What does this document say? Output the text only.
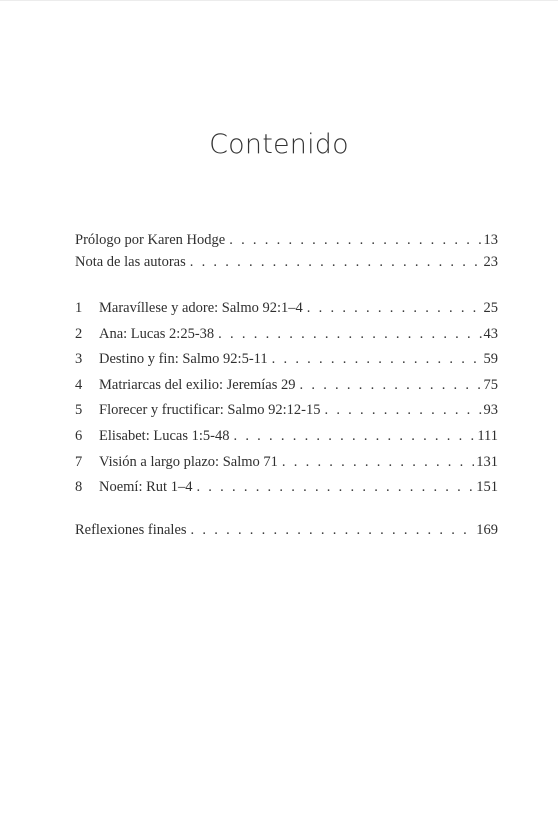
Contenido
Prólogo por Karen Hodge . . .	13
Nota de las autoras . . .	23
1	Maravíllese y adore: Salmo 92:1–4 . . .	25
2	Ana: Lucas 2:25-38 . . .	43
3	Destino y fin: Salmo 92:5-11 . . .	59
4	Matriarcas del exilio: Jeremías 29 . . .	75
5	Florecer y fructificar: Salmo 92:12-15 . . .	93
6	Elisabet: Lucas 1:5-48 . . .	111
7	Visión a largo plazo: Salmo 71 . . .	131
8	Noemí: Rut 1–4 . . .	151
Reflexiones finales . . .	169
